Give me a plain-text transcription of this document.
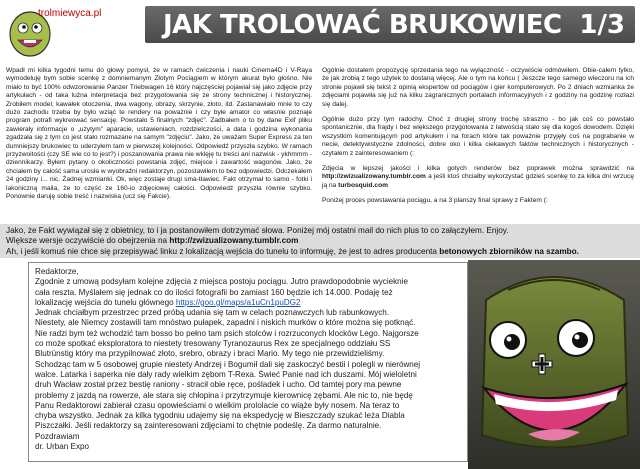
trolmiewyca.pl JAK TROLOWAĆ BRUKOWIEC 1/3

Wpadł mi kilka tygodni temu do głowy pomysł, że w ramach ćwiczenia i nauki Cinema4D i V-Raya wymodeluję bym sobie scenkę z domniemanym Złotym Pociągiem w którym akurat było głośno. Nie miało to być 100% odwzorowanie Panzer Triebwagen 16 który najczęściej pojawiał się jako zdjęcie przy artykułach - od taka luźna interpretacja bez przygotowania się ze strony technicznej i historycznej. Zrobiłem model, kawałek otoczenia, dwa wagony, obrazy, skrzynie, złoto, itd. Zastanawiało mnie to czy dużo zachodu trzeba by było wziąć te rendery na poważnie i czy byłe amator co własnie poznaje program potrafi wykreować sensację. Powstało 5 finalnych "zdjęć". Zadbałem o to by dane Exif pliku zawierały informacje o „użytym" aparacie, ustawieniach, rozdzielczości, a data i godzina wykonania zgadzała się z tym co jest stało rozmazane na samym "zdjęciu". Jako, że uważam Super Express za ten dumniejszy brukowiec to uderzyłem tam w pierwszej kolejności. Odpowiedź przyszła szybko. W ramach przyzwoitości (czy SE wie co to jest?) i poszanowania prawa nie wklęję tu treści ani nazwisk - ykhmmm - dziennikarzy. Byłem pytany o okoliczności powstania zdjęć, miejsce i zawartość wagonów. Jako, że chciałem by całość sama urosła w wyobraźni redaktorzyn, pozostawiłem to bez odpowiedzi. Odczekałem 24 godziny i... nic. Żadnej wzmianki. Ok, więc zostaje drugi sma-tławiec. Fakt otrzymał to samo - fotki i lakoniczną maila, że to część ze 160-io zdjęciowej całości. Odpowiedź przyszła równie szybko. Ponownie daruję sobie treść i nazwiska (ucz się Fakcie).

Ogólnie dostałem propozycję sprzedania tego na wyłączność - oczywiście odmówiłem. Obie-całem tylko, że jak zrobią z tego użytek to dostaną więcej. Ale o tym na końcu ( Jeszcze tego samego wieczoru na ich stronie pojawił się tekst z opinią ekspertów od pociągów i gier komputerowych. Po 2 dniach wzmianka że zdjęciami pojawiła się już na kilku zagranicznych portalach informacyjnych i z godziny na godzinę rozłazi się dalej.

Ogólnie dużo przy tym radochy. Choć z drugiej strony trochę straszno - bo jak coś co powstało spontanicznie, dla frajdy i bez większego przygotowania z łatwością stało się dla kogoś dowodem. Dzięki wszystkim komentującym pod artykułem i na forach które tak poważnie przyjęły coś na pograbanie w necie, detektywistyczne zdolności, dobre oko i kilka ciekawych faktów technicznych i historycznych - czytałem z zainteresowaniem (:

Zdjęcia w lepszej jakości i kilka gotych renderów bez poprawek można sprawdzić na http://zwizualizowany.tumblr.com a jeśli ktoś chciałby wykorzystać gdzieś scenkę to za kilka dni wrzucę ją na turbosquid.com

Poniżej proces powstawania pociągu, a na 3 planszy final sprawy z Faktem (:

Jako, że Fakt wywiązał się z obietnicy, to i ja postanowiłem dotrzymać słowa. Poniżej mój ostatni mail do nich plus to co załączyłem. Enjoy.
Większe wersje oczywiście do obejrzenia na http://zwizualizowany.tumblr.com
Ah, i jeśli komuś nie chce się przepisywać linku z lokalizacją wejścia do tunelu to informuję, że jest to adres producenta betonowych zbiorników na szambo.
Redaktorze,
Zgodnie z umową podsyłam kolejne zdjęcia z miejsca postoju pociągu. Jutro prawdopodobnie wycieknie
cała reszta. Myślałem się jednak co do ilości fotografii bo zamiast 160 będzie ich 14.000. Podaję też
lokalizację wejścia do tunelu głównego https://goo.gl/maps/a1uCn1puDG2
Jednak chciałbym przestrzec przed próbą udania się tam w celach poznawczych lub rabunkowych.
Niestety, ale Niemcy zostawili tam mnóstwo pułapek, zapadni i niskich murków o które można się potknąć.
Nie radzi bym też wchodzić tam bosso bo pełno tam psich stolców i rozrzuconych klocków Lego. Najgorsze
co może spotkać eksploratora to niestety tresowany Tyranozaurus Rex ze specjalnego oddziału SS
Blutrünstig który ma przypilnować złoto, srebro, obrazy i braci Mario. My tego nie przewidzieliśmy.
Schodząc tam w 5 osobowej grupie niestety Andrzej i Bogumił dali się zaskoczyć bestii i polegli w nierównej
walce. Latarka i saperka nie dały rady wielkim zębom T-Rexa. Świeć Panie nad ich duszami. Mój wieloletni
druh Wacław został przez bestię raniony - stracił obie ręce, pośladek i ucho. Od tamtej pory ma pewne
problemy z jazdą na rowerze, ale stara się chłopina i przytrzymuje kierownicę zębami. Ale nic to, nie będę
Panu Redaktorowi zabierał czasu opowieściami o wielkim prololacie co wiąże były nosem. Na teraz to
chyba wszystko. Jednak za kilka tygodniu udajemy się na ekspedycję w Bieszczady szukać leża Diabla
Piszczałki. Jeśli redaktorzy są zainteresowani zdjęciami to chętnie podeślę. Za darmo naturalnie.
Pozdrawiam
dr. Urban Expo
